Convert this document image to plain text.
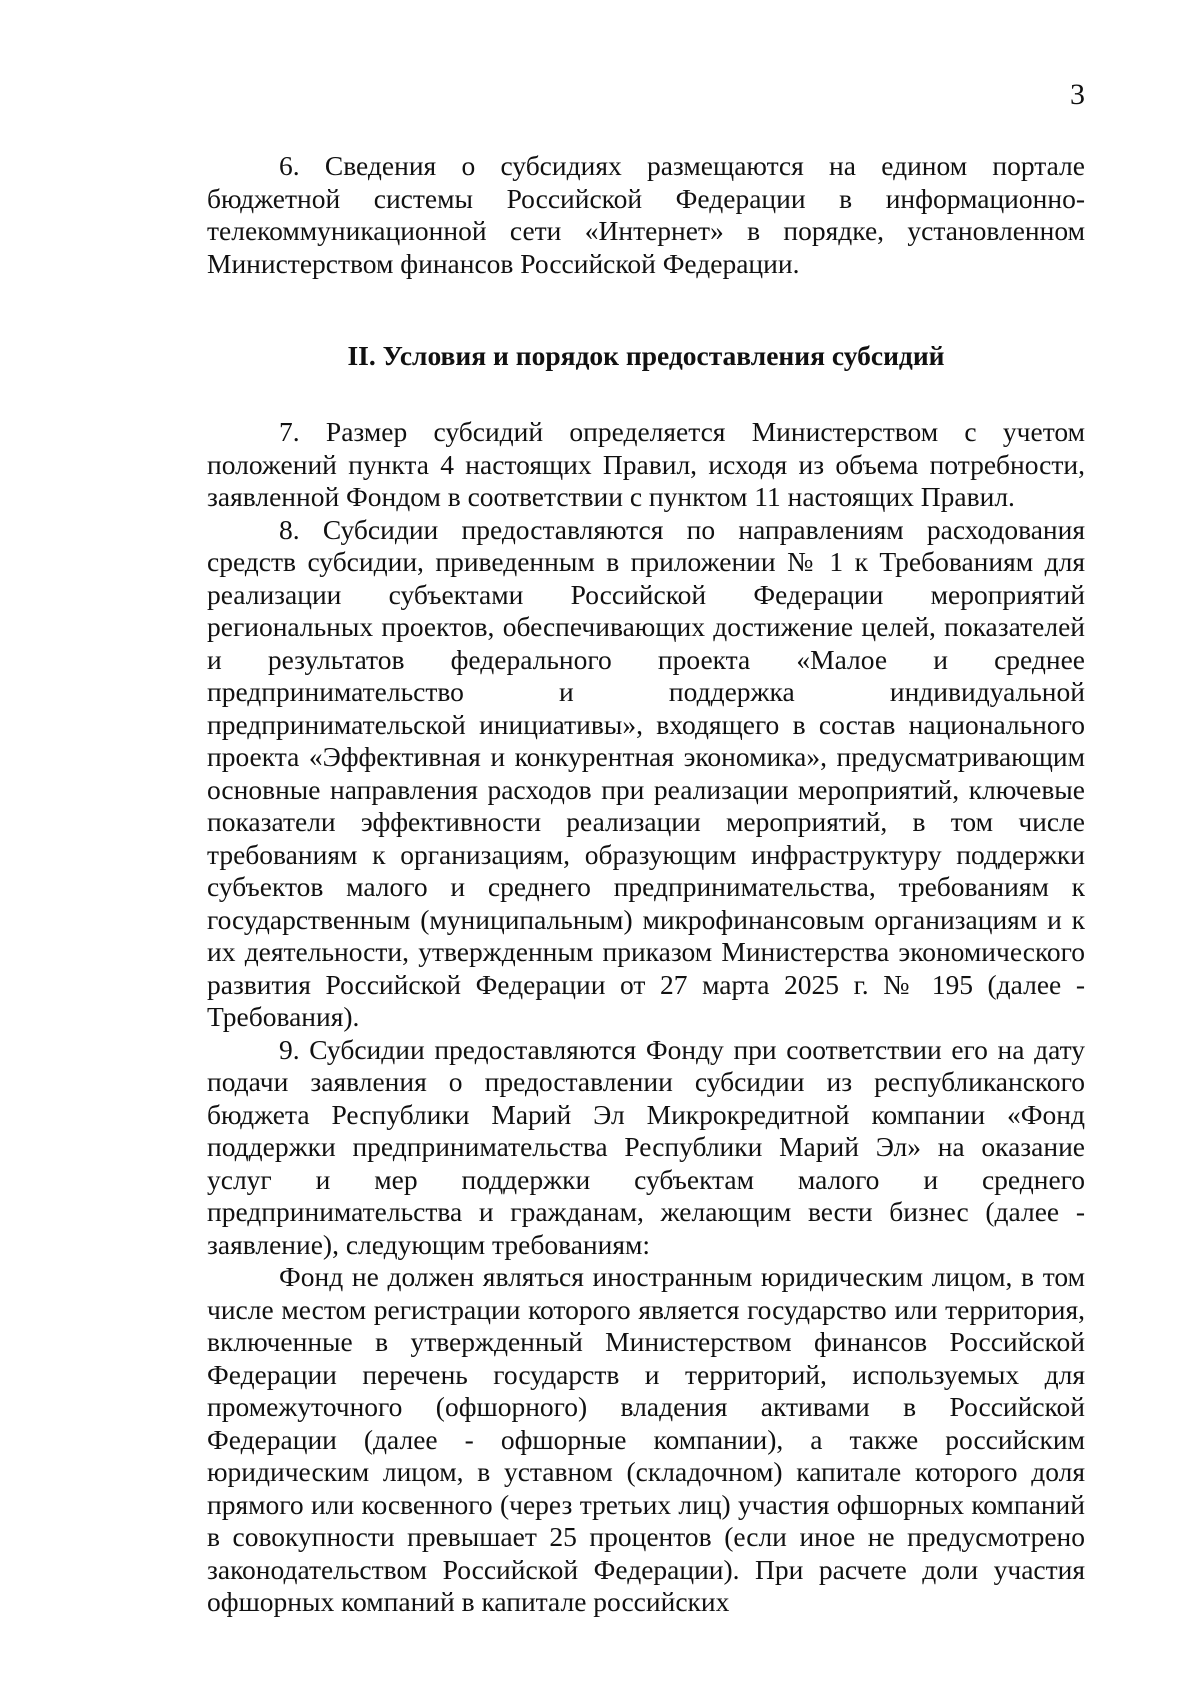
3

6. Сведения о субсидиях размещаются на едином портале бюджетной системы Российской Федерации в информационно-телекоммуникационной сети «Интернет» в порядке, установленном Министерством финансов Российской Федерации.

II. Условия и порядок предоставления субсидий

7. Размер субсидий определяется Министерством с учетом положений пункта 4 настоящих Правил, исходя из объема потребности, заявленной Фондом в соответствии с пунктом 11 настоящих Правил.

8. Субсидии предоставляются по направлениям расходования средств субсидии, приведенным в приложении № 1 к Требованиям для реализации субъектами Российской Федерации мероприятий региональных проектов, обеспечивающих достижение целей, показателей и результатов федерального проекта «Малое и среднее предпринимательство и поддержка индивидуальной предпринимательской инициативы», входящего в состав национального проекта «Эффективная и конкурентная экономика», предусматривающим основные направления расходов при реализации мероприятий, ключевые показатели эффективности реализации мероприятий, в том числе требованиям к организациям, образующим инфраструктуру поддержки субъектов малого и среднего предпринимательства, требованиям к государственным (муниципальным) микрофинансовым организациям и к их деятельности, утвержденным приказом Министерства экономического развития Российской Федерации от 27 марта 2025 г. № 195 (далее - Требования).

9. Субсидии предоставляются Фонду при соответствии его на дату подачи заявления о предоставлении субсидии из республиканского бюджета Республики Марий Эл Микрокредитной компании «Фонд поддержки предпринимательства Республики Марий Эл» на оказание услуг и мер поддержки субъектам малого и среднего предпринимательства и гражданам, желающим вести бизнес (далее - заявление), следующим требованиям:

Фонд не должен являться иностранным юридическим лицом, в том числе местом регистрации которого является государство или территория, включенные в утвержденный Министерством финансов Российской Федерации перечень государств и территорий, используемых для промежуточного (офшорного) владения активами в Российской Федерации (далее - офшорные компании), а также российским юридическим лицом, в уставном (складочном) капитале которого доля прямого или косвенного (через третьих лиц) участия офшорных компаний в совокупности превышает 25 процентов (если иное не предусмотрено законодательством Российской Федерации). При расчете доли участия офшорных компаний в капитале российских
